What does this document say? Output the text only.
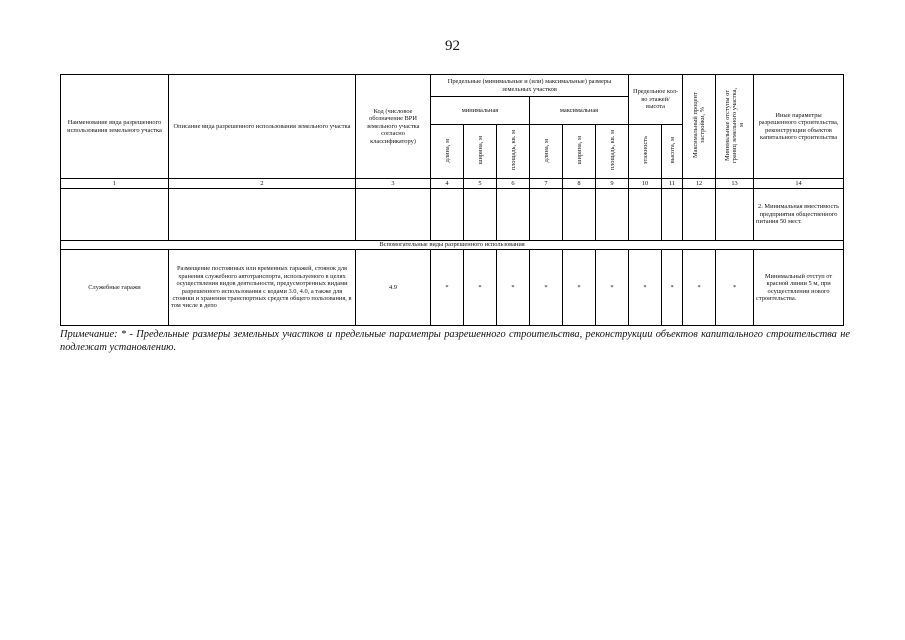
92
Наименование вида разрешенного использования земельного участка	Описание вида разрешенного использования земельного участка	Код (числовое обозначение ВРИ земельного участка согласно классификатору)	Предельные (минимальные и (или) максимальные) размеры земельных участков						Предельное кол-во этажей/ высота		Максимальный процент застройки, %	Минимальные отступы от границ земельного участка, м	Иные параметры разрешенного строительства, реконструкции объектов капитального строительства
			минимальная			максимальная							
			длина, м	ширина, м	площадь, кв. м	длина, м	ширина, м	площадь, кв. м	этажность	высота, м			
1	2	3	4	5	6	7	8	9	10	11	12	13	14
													2. Минимальная вместимость предприятия общественного питания 50 мест.
Вспомогательные виды разрешенного использования													
Служебные гаражи	Размещение постоянных или временных гаражей, стоянок для хранения служебного автотранспорта, используемого в целях осуществления видов деятельности, предусмотренных видами разрешенного использования с кодами 3.0, 4.0, а также для стоянки и хранения транспортных средств общего пользования, в том числе в депо	4.9	*	*	*	*	*	*	*	*	*	*	Минимальный отступ от красной линии 5 м, при осуществлении нового строительства.
Примечание: * - Предельные размеры земельных участков и предельные параметры разрешенного строительства, реконструкции объектов капитального строительства не подлежат установлению.
